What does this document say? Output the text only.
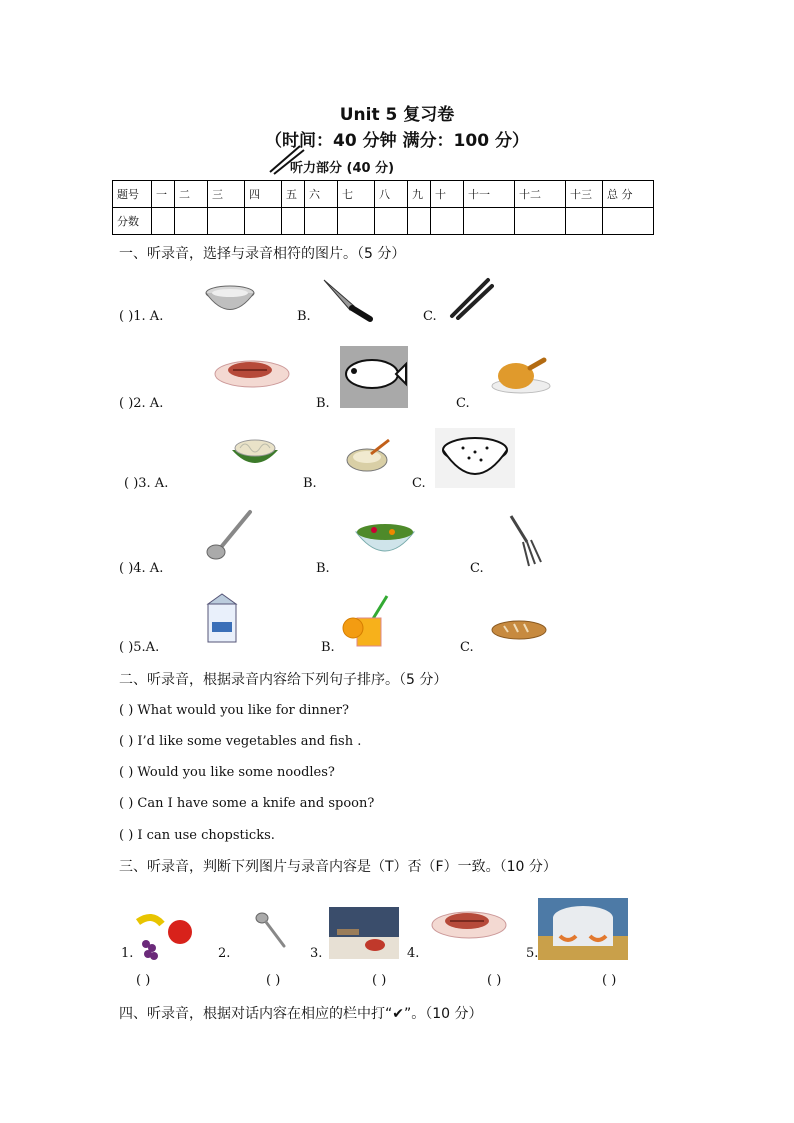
Unit 5 复习卷
（时间：40 分钟 满分：100 分）
听力部分 (40 分)
题号	一	二	三	四	五	六	七	八	九	十	十一	十二	十三	总 分
分数														
一、听录音，选择与录音相符的图片。（5 分）
( )1. A.	B.	C.
( )2. A.	B.	C.
( )3. A.	B.	C.
( )4. A.	B.	C.
( )5.A.	B.	C.
二、听录音，根据录音内容给下列句子排序。（5 分）
( ) What would you like for dinner?
( ) I’d like some vegetables and fish .
( ) Would you like some noodles?
( ) Can I have some a knife and spoon?
( ) I can use chopsticks.
三、听录音，判断下列图片与录音内容是（T）否（F）一致。（10 分）
1.	2.	3.	4.	5.
( )	( )	( )	( )	( )
四、听录音，根据对话内容在相应的栏中打“✔”。（10 分）
